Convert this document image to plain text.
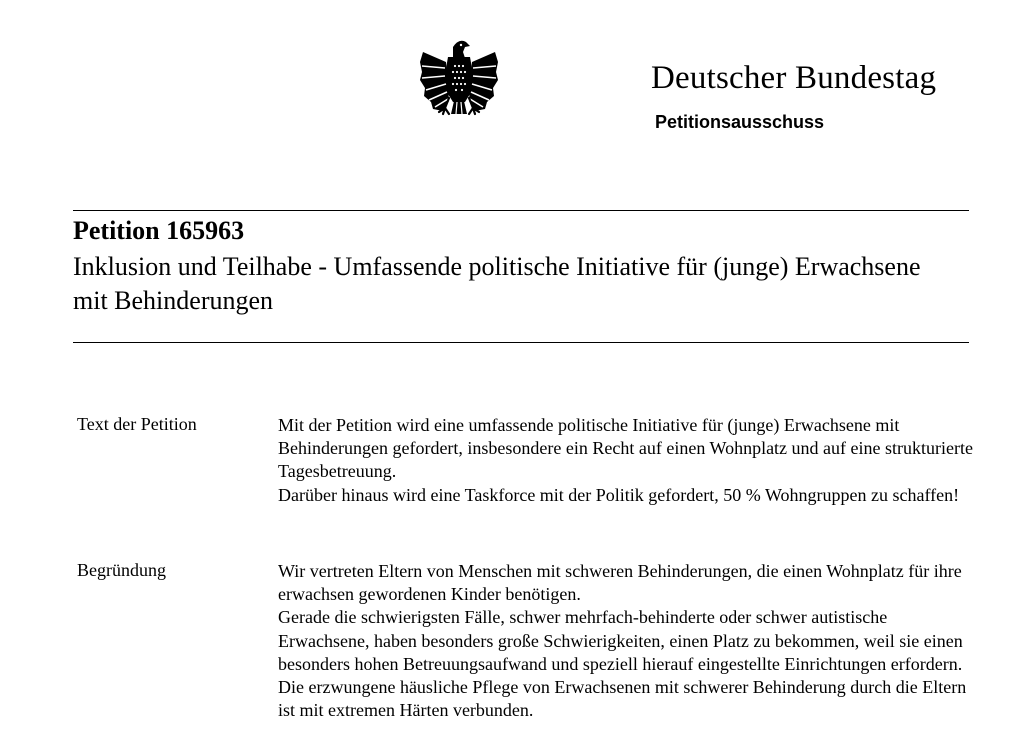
Deutscher Bundestag
Petitionsausschuss
Petition 165963
Inklusion und Teilhabe - Umfassende politische Initiative für (junge) Erwachsene mit Behinderungen
Text der Petition	Mit der Petition wird eine umfassende politische Initiative für (junge) Erwachsene mit Behinderungen gefordert, insbesondere ein Recht auf einen Wohnplatz und auf eine strukturierte Tagesbetreuung.

Darüber hinaus wird eine Taskforce mit der Politik gefordert, 50 % Wohngruppen zu schaffen!

Begründung	Wir vertreten Eltern von Menschen mit schweren Behinderungen, die einen Wohnplatz für ihre erwachsen gewordenen Kinder benötigen.

Gerade die schwierigsten Fälle, schwer mehrfach-behinderte oder schwer autistische Erwachsene, haben besonders große Schwierigkeiten, einen Platz zu bekommen, weil sie einen besonders hohen Betreuungsaufwand und speziell hierauf eingestellte Einrichtungen erfordern.

Die erzwungene häusliche Pflege von Erwachsenen mit schwerer Behinderung durch die Eltern ist mit extremen Härten verbunden.
